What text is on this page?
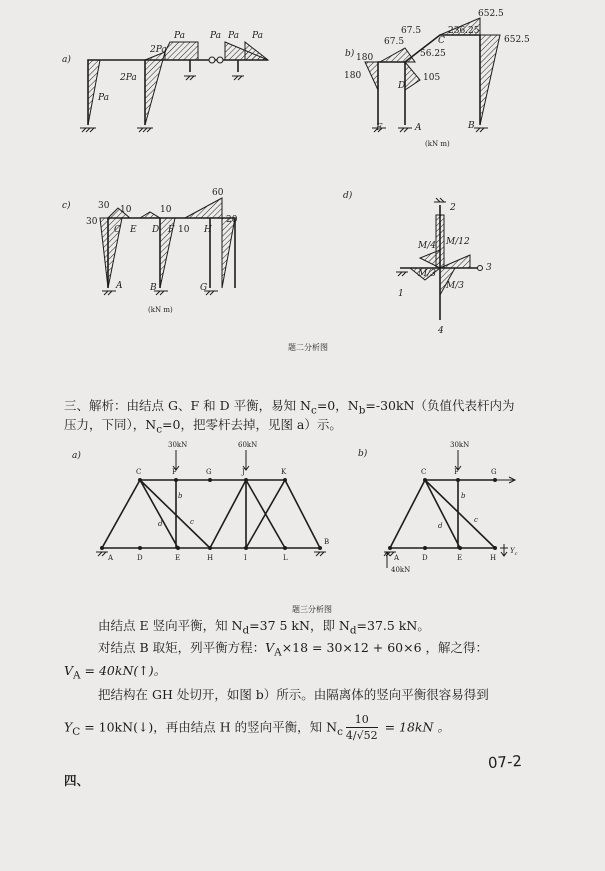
a)
Pa
2Pa
2Pa
Pa	Pa Pa Pa
b) 180
67.5
67.5
236.25
652.5
652.5
180
56.25
105
C
D
E	A	B
(kN m)
c)	30
30
10	10
60
20
C E D F	H
A	B	G
10
(kN m)
d)
2
M/12
M/4
3
M/3
M/3
1
4
题二分析图
三、解析：由结点 G、F 和 D 平衡，易知 $N_c=0$，$N_b=-30kN$（负值代表杆内为
压力，下同），$N_c=0$，把零杆去掉，见图 a）示。
a)
30kN	60kN
C	F	G	J	K
A	D	E	H	I	L
B
b
d	c
b)
30kN
C	F	G
A	D	E	H
b
d
c
$Y_c$
40kN
题三分析图
由结点 E 竖向平衡，知 $N_d=37$ 5 kN，即 $N_d=37.5$ kN。
对结点 B 取矩，列平衡方程：$V_A\times 18 = 30\times 12 + 60\times 6$ ，解之得：
$V_A$ = 40kN(↑)。
把结构在 GH 处切开，如图 b）所示。由隔离体的竖向平衡很容易得到
$Y_C$ = 10kN(↓)，再由结点 H 的竖向平衡，知 $N_c \frac{10}{4/√52} = 18kN$ 。
07-2
四、
